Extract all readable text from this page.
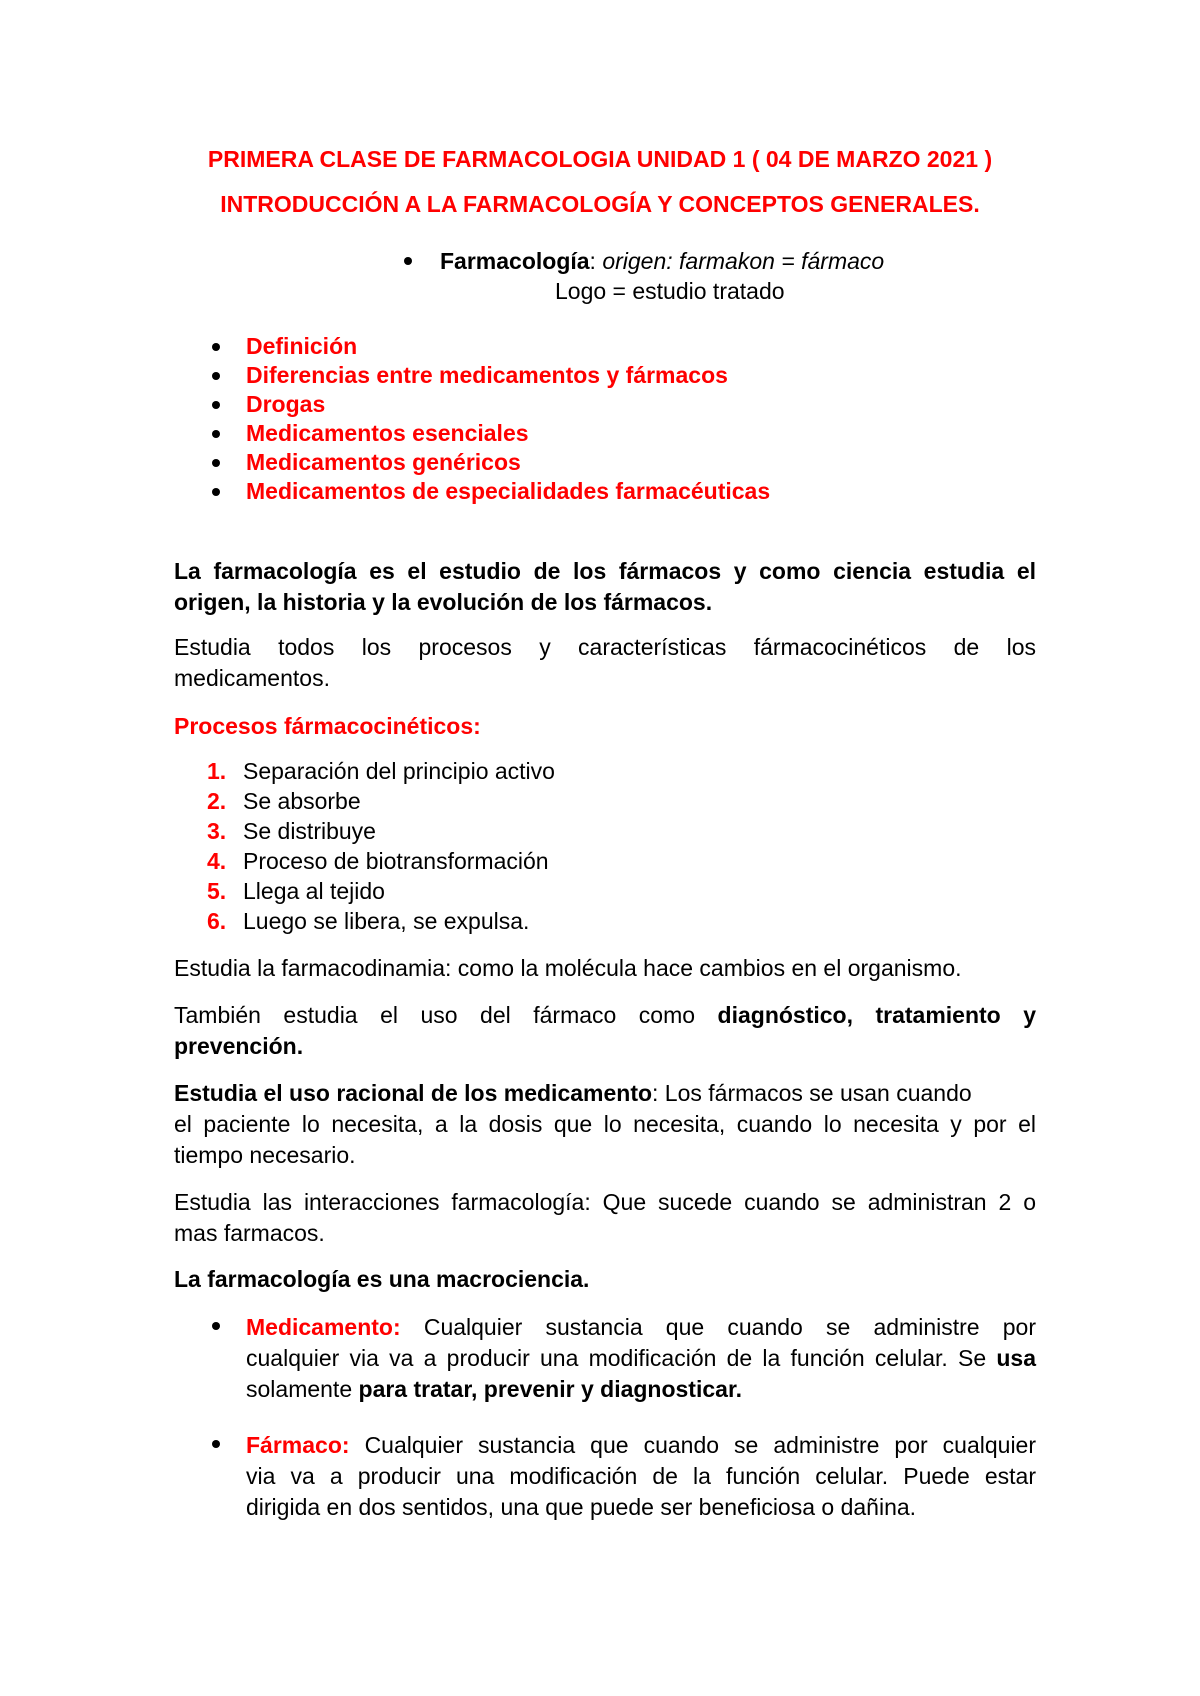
PRIMERA CLASE DE FARMACOLOGIA UNIDAD 1 ( 04 DE MARZO 2021 )
INTRODUCCIÓN A LA FARMACOLOGÍA Y CONCEPTOS GENERALES.
Farmacología: origen: farmakon = fármaco
Logo = estudio tratado
Definición
Diferencias entre medicamentos y fármacos
Drogas
Medicamentos esenciales
Medicamentos genéricos
Medicamentos de especialidades farmacéuticas
La farmacología es el estudio de los fármacos y como ciencia estudia el
origen, la historia y la evolución de los fármacos.
Estudia todos los procesos y características fármacocinéticos de los
medicamentos.
Procesos fármacocinéticos:
1. Separación del principio activo
2. Se absorbe
3. Se distribuye
4. Proceso de biotransformación
5. Llega al tejido
6. Luego se libera, se expulsa.
Estudia la farmacodinamia: como la molécula hace cambios en el organismo.
También estudia el uso del fármaco como diagnóstico, tratamiento y
prevención.
Estudia el uso racional de los medicamento: Los fármacos se usan cuando
el paciente lo necesita, a la dosis que lo necesita, cuando lo necesita y por el
tiempo necesario.
Estudia las interacciones farmacología: Que sucede cuando se administran 2 o
mas farmacos.
La farmacología es una macrociencia.
Medicamento: Cualquier sustancia que cuando se administre por
cualquier via va a producir una modificación de la función celular. Se usa
solamente para tratar, prevenir y diagnosticar.
Fármaco: Cualquier sustancia que cuando se administre por cualquier
via va a producir una modificación de la función celular. Puede estar
dirigida en dos sentidos, una que puede ser beneficiosa o dañina.
